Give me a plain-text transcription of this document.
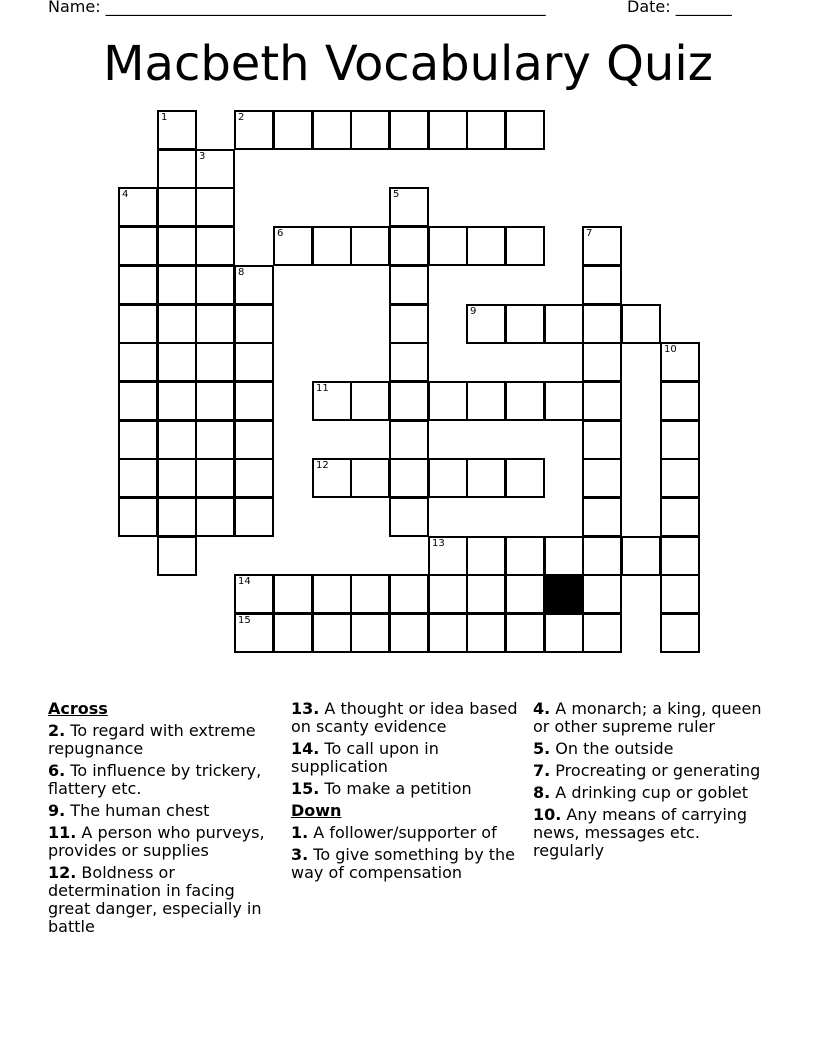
Name: _______________________________________________________	Date: _______
Macbeth Vocabulary Quiz
1	2
3
4	5
6	7
8
9
10
11
12
13
14
15
Across
2. To regard with extreme repugnance
6. To influence by trickery, flattery etc.
9. The human chest
11. A person who purveys, provides or supplies
12. Boldness or determination in facing great danger, especially in battle
13. A thought or idea based on scanty evidence
14. To call upon in supplication
15. To make a petition
Down
1. A follower/supporter of
3. To give something by the way of compensation
4. A monarch; a king, queen or other supreme ruler
5. On the outside
7. Procreating or generating
8. A drinking cup or goblet
10. Any means of carrying news, messages etc. regularly
